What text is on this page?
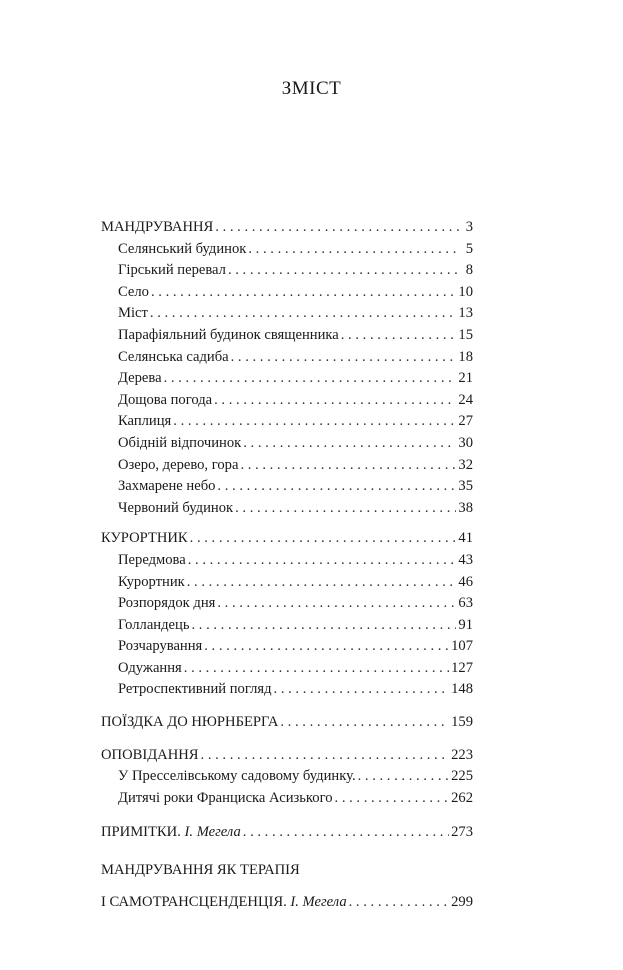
ЗМІСТ
МАНДРУВАННЯ . . .	3
Селянський будинок . . .	5
Гірський перевал . . .	8
Село . . .	10
Міст . . .	13
Парафіяльний будинок священника . . .	15
Селянська садиба . . .	18
Дерева . . .	21
Дощова погода . . .	24
Каплиця . . .	27
Обідній відпочинок . . .	30
Озеро, дерево, гора . . .	32
Захмарене небо . . .	35
Червоний будинок . . .	38
КУРОРТНИК . . .	41
Передмова . . .	43
Курортник . . .	46
Розпорядок дня . . .	63
Голландець . . .	91
Розчарування . . .	107
Одужання . . .	127
Ретроспективний погляд . . .	148
ПОЇЗДКА ДО НЮРНБЕРГА . . .	159
ОПОВІДАННЯ . . .	223
У Пресселівському садовому будинку. . . .	225
Дитячі роки Франциска Асизького . . .	262
ПРИМІТКИ. І. Мегела . . .	273
МАНДРУВАННЯ ЯК ТЕРАПІЯ
І САМОТРАНСЦЕНДЕНЦІЯ. І. Мегела . . .	299
